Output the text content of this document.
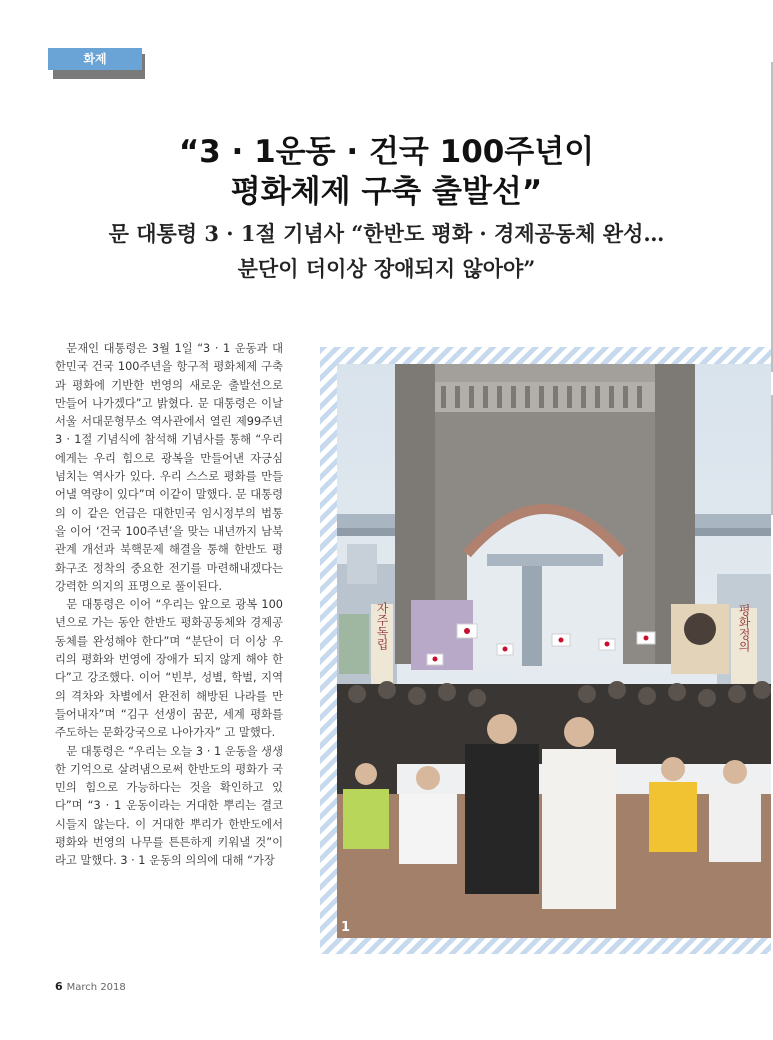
화제
“3 · 1운동 · 건국 100주년이
평화체제 구축 출발선”
문 대통령 3 · 1절 기념사 “한반도 평화 · 경제공동체 완성…
분단이 더이상 장애되지 않아야”

문재인 대통령은 3월 1일 “3 · 1 운동과 대한민국 건국 100주년을 항구적 평화체제 구축과 평화에 기반한 번영의 새로운 출발선으로 만들어 나가겠다”고 밝혔다. 문 대통령은 이날 서울 서대문형무소 역사관에서 열린 제99주년 3 · 1절 기념식에 참석해 기념사를 통해 “우리에게는 우리 힘으로 광복을 만들어낸 자긍심 넘치는 역사가 있다. 우리 스스로 평화를 만들어낼 역량이 있다”며 이같이 말했다. 문 대통령의 이 같은 언급은 대한민국 임시정부의 법통을 이어 ‘건국 100주년’을 맞는 내년까지 남북관계 개선과 북핵문제 해결을 통해 한반도 평화구조 정착의 중요한 전기를 마련해내겠다는 강력한 의지의 표명으로 풀이된다.

문 대통령은 이어 “우리는 앞으로 광복 100년으로 가는 동안 한반도 평화공동체와 경제공동체를 완성해야 한다”며 “분단이 더 이상 우리의 평화와 번영에 장애가 되지 않게 해야 한다”고 강조했다. 이어 “빈부, 성별, 학벌, 지역의 격차와 차별에서 완전히 해방된 나라를 만들어내자”며 “김구 선생이 꿈꾼, 세계 평화를 주도하는 문화강국으로 나아가자” 고 말했다.

문 대통령은 “우리는 오늘 3 · 1 운동을 생생한 기억으로 살려냄으로써 한반도의 평화가 국민의 힘으로 가능하다는 것을 확인하고 있다”며 “3 · 1 운동이라는 거대한 뿌리는 결코 시들지 않는다. 이 거대한 뿌리가 한반도에서 평화와 번영의 나무를 튼튼하게 키워낼 것”이라고 말했다. 3 · 1 운동의 의의에 대해 “가장

자주독립	평화정의
1
6 March 2018
